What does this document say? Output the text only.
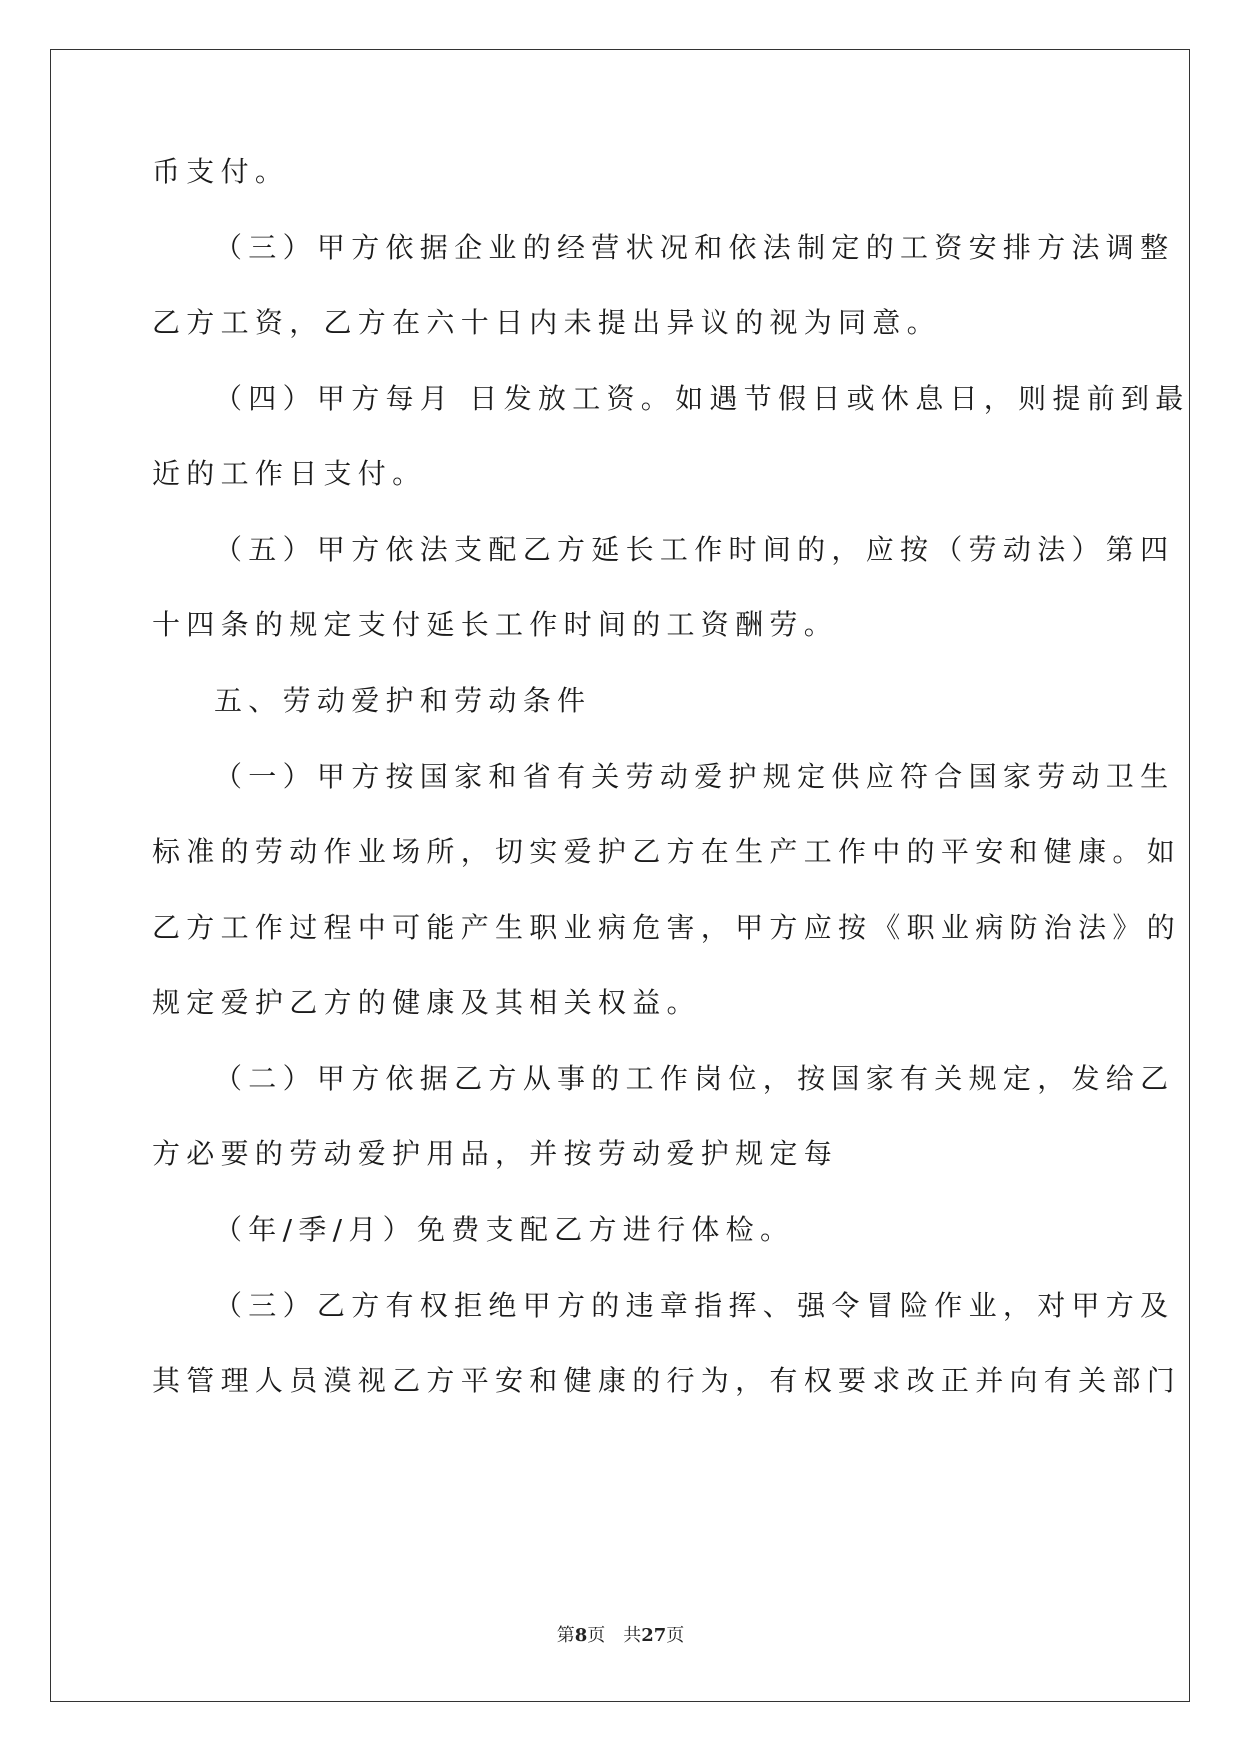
币支付。

（三）甲方依据企业的经营状况和依法制定的工资安排方法调整

乙方工资，乙方在六十日内未提出异议的视为同意。

（四）甲方每月 日发放工资。如遇节假日或休息日，则提前到最

近的工作日支付。

（五）甲方依法支配乙方延长工作时间的，应按（劳动法）第四

十四条的规定支付延长工作时间的工资酬劳。

五、劳动爱护和劳动条件

（一）甲方按国家和省有关劳动爱护规定供应符合国家劳动卫生

标准的劳动作业场所，切实爱护乙方在生产工作中的平安和健康。如

乙方工作过程中可能产生职业病危害，甲方应按《职业病防治法》的

规定爱护乙方的健康及其相关权益。

（二）甲方依据乙方从事的工作岗位，按国家有关规定，发给乙

方必要的劳动爱护用品，并按劳动爱护规定每

（年/季/月）免费支配乙方进行体检。

（三）乙方有权拒绝甲方的违章指挥、强令冒险作业，对甲方及

其管理人员漠视乙方平安和健康的行为，有权要求改正并向有关部门

第8页 共27页
